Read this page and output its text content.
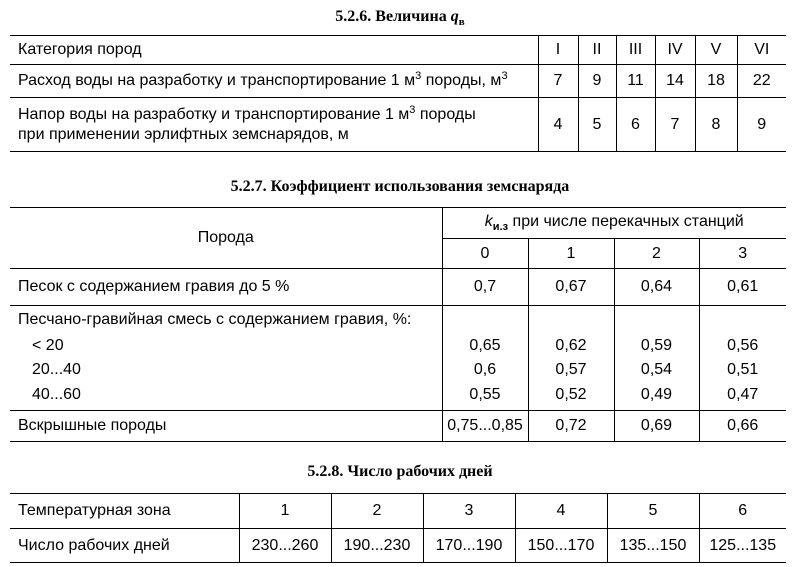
5.2.6. Величина $q_в$
Категория пород	I	II	III	IV	V	VI
Расход воды на разработку и транспортирование 1 $м^3$ породы, $м^3$	7	9	11	14	18	22
Напор воды на разработку и транспортирование 1 $м^3$ породы
при применении эрлифтных земснарядов, м	4	5	6	7	8	9
5.2.7. Коэффициент использования земснаряда
Порода	$k_{и.з}$ при числе перекачных станций			
	0	1	2	3
Песок с содержанием гравия до 5 %	0,7	0,67	0,64	0,61
Песчано-гравийная смесь с содержанием гравия, %:				
< 20	0,65	0,62	0,59	0,56
20...40	0,6	0,57	0,54	0,51
40...60	0,55	0,52	0,49	0,47
Вскрышные породы	0,75...0,85	0,72	0,69	0,66
5.2.8. Число рабочих дней
Температурная зона	1	2	3	4	5	6
Число рабочих дней	230...260	190...230	170...190	150...170	135...150	125...135
